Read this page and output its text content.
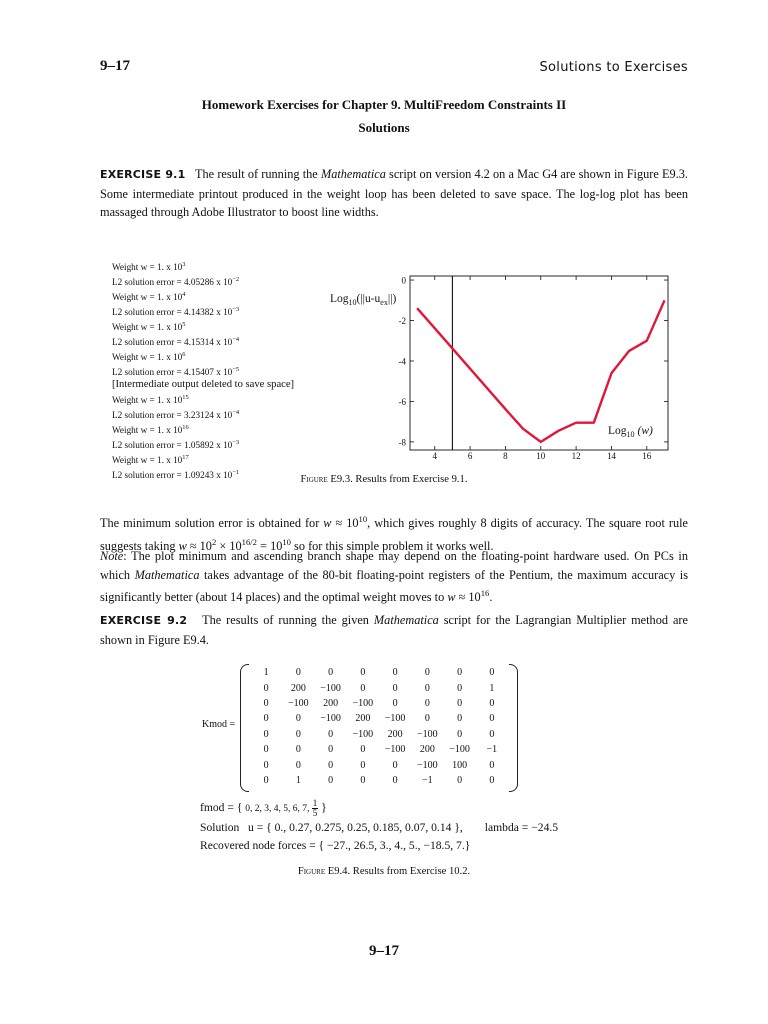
9–17	Solutions to Exercises
Homework Exercises for Chapter 9. MultiFreedom Constraints II
Solutions
EXERCISE 9.1 The result of running the Mathematica script on version 4.2 on a Mac G4 are shown in Figure E9.3. Some intermediate printout produced in the weight loop has been deleted to save space. The log-log plot has been massaged through Adobe Illustrator to boost line widths.
Weight w = 1. x $10^3$
L2 solution error = 4.05286 x $10^{-2}$
Weight w = 1. x $10^4$
L2 solution error = 4.14382 x $10^{-3}$
Weight w = 1. x $10^5$
L2 solution error = 4.15314 x $10^{-4}$
Weight w = 1. x $10^6$
L2 solution error = 4.15407 x $10^{-5}$
[Intermediate output deleted to save space]
Weight w = 1. x $10^{15}$
L2 solution error = 3.23124 x $10^{-4}$
Weight w = 1. x $10^{16}$
L2 solution error = 1.05892 x $10^{-3}$
Weight w = 1. x $10^{17}$
L2 solution error = 1.09243 x $10^{-1}$
0
-2
-4
-6
-8
4	6	8	10	12	14	16
$Log_{10}(||u-u_{ex}||)$
Log$_{10}$ (w)
Figure E9.3. Results from Exercise 9.1.
The minimum solution error is obtained for $w \approx 10^{10}$, which gives roughly 8 digits of accuracy. The square root rule suggests taking $w \approx 10^2 \times 10^{16/2} = 10^{10}$ so for this simple problem it works well.
Note: The plot minimum and ascending branch shape may depend on the floating-point hardware used. On PCs in which Mathematica takes advantage of the 80-bit floating-point registers of the Pentium, the maximum accuracy is significantly better (about 14 places) and the optimal weight moves to $w \approx 10^{16}$.
EXERCISE 9.2 The results of running the given Mathematica script for the Lagrangian Multiplier method are shown in Figure E9.4.
Kmod =
1	0	0	0	0	0	0	0
0	200	−100	0	0	0	0	1
0	−100	200	−100	0	0	0	0
0	0	−100	200	−100	0	0	0
0	0	0	−100	200	−100	0	0
0	0	0	0	−100	200	−100	−1
0	0	0	0	0	−100	100	0
0	1	0	0	0	−1	0	0
fmod = { 0, 2, 3, 4, 5, 6, 7, $\frac{1}{5}$ }
Solution u = { 0., 0.27, 0.275, 0.25, 0.185, 0.07, 0.14 }, lambda = −24.5
Recovered node forces = { −27., 26.5, 3., 4., 5., −18.5, 7.}
Figure E9.4. Results from Exercise 10.2.
9–17
